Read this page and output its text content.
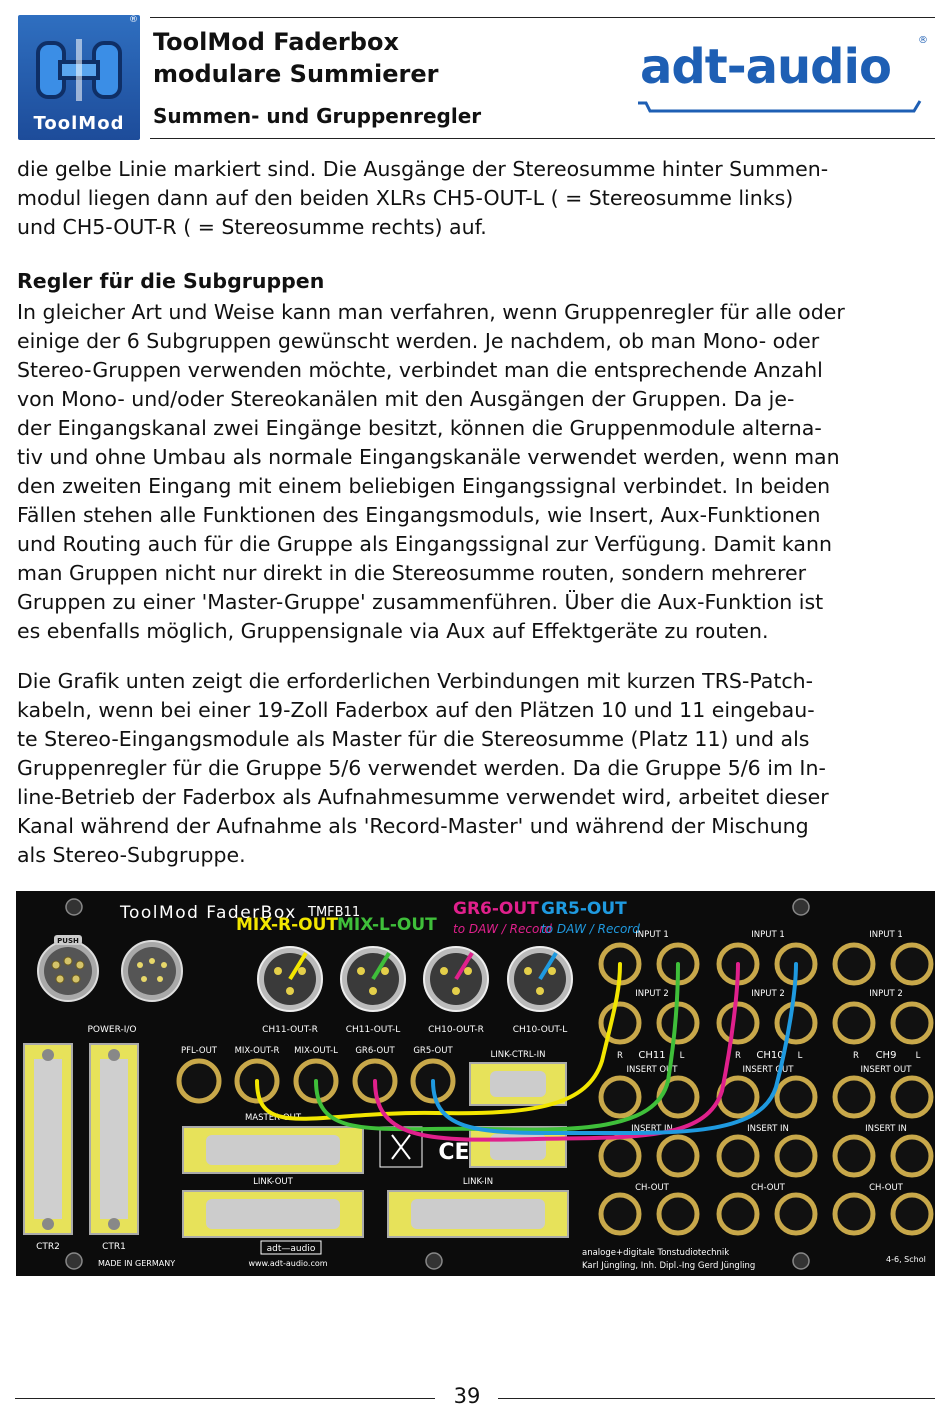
®
ToolMod
ToolMod Faderbox
modulare Summierer
Summen- und Gruppenregler
adt-audio	®
die gelbe Linie markiert sind. Die Ausgänge der Stereosumme hinter Summen-
modul liegen dann auf den beiden XLRs CH5-OUT-L ( = Stereosumme links)
und CH5-OUT-R ( = Stereosumme rechts) auf.
Regler für die Subgruppen
In gleicher Art und Weise kann man verfahren, wenn Gruppenregler für alle oder
einige der 6 Subgruppen gewünscht werden. Je nachdem, ob man Mono- oder
Stereo-Gruppen verwenden möchte, verbindet man die entsprechende Anzahl
von Mono- und/oder Stereokanälen mit den Ausgängen der Gruppen. Da je-
der Eingangskanal zwei Eingänge besitzt, können die Gruppenmodule alterna-
tiv und ohne Umbau als normale Eingangskanäle verwendet werden, wenn man
den zweiten Eingang mit einem beliebigen Eingangssignal verbindet. In beiden
Fällen stehen alle Funktionen des Eingangsmoduls, wie Insert, Aux-Funktionen
und Routing auch für die Gruppe als Eingangssignal zur Verfügung. Damit kann
man Gruppen nicht nur direkt in die Stereosumme routen, sondern mehrerer
Gruppen zu einer 'Master-Gruppe' zusammenführen. Über die Aux-Funktion ist
es ebenfalls möglich, Gruppensignale via Aux auf Effektgeräte zu routen.
Die Grafik unten zeigt die erforderlichen Verbindungen mit kurzen TRS-Patch-
kabeln, wenn bei einer 19-Zoll Faderbox auf den Plätzen 10 und 11 eingebau-
te Stereo-Eingangsmodule als Master für die Stereosumme (Platz 11) und als
Gruppenregler für die Gruppe 5/6 verwendet werden. Da die Gruppe 5/6 im In-
line-Betrieb der Faderbox als Aufnahmesumme verwendet wird, arbeitet dieser
Kanal während der Aufnahme als 'Record-Master' und während der Mischung
als Stereo-Subgruppe.
ToolMod FaderBox TMFB11
MIX-R-OUT
MIX-L-OUT
GR6-OUT GR5-OUT
to DAW / Record
to DAW / Record
PUSH
POWER-I/O	CH11-OUT-R	CH11-OUT-L	CH10-OUT-R	CH10-OUT-L
CTR2	CTR1
PFL-OUT MIX-OUT-R MIX-OUT-L GR6-OUT GR5-OUT	LINK-CTRL-IN
MASTER-OUT
LINK-OUT	LINK-IN
CE
INPUT 1	INPUT 1	INPUT 1
INPUT 2	INPUT 2	INPUT 2
R CH11 L	R CH10 L	R CH9 L
INSERT OUT	INSERT OUT	INSERT OUT
INSERT IN	INSERT IN	INSERT IN
CH-OUT	CH-OUT	CH-OUT
adt—audio
MADE IN GERMANY	www.adt-audio.com
analoge+digitale Tonstudiotechnik
Karl Jüngling, Inh. Dipl.-Ing Gerd Jüngling
4-6, Schol
39
